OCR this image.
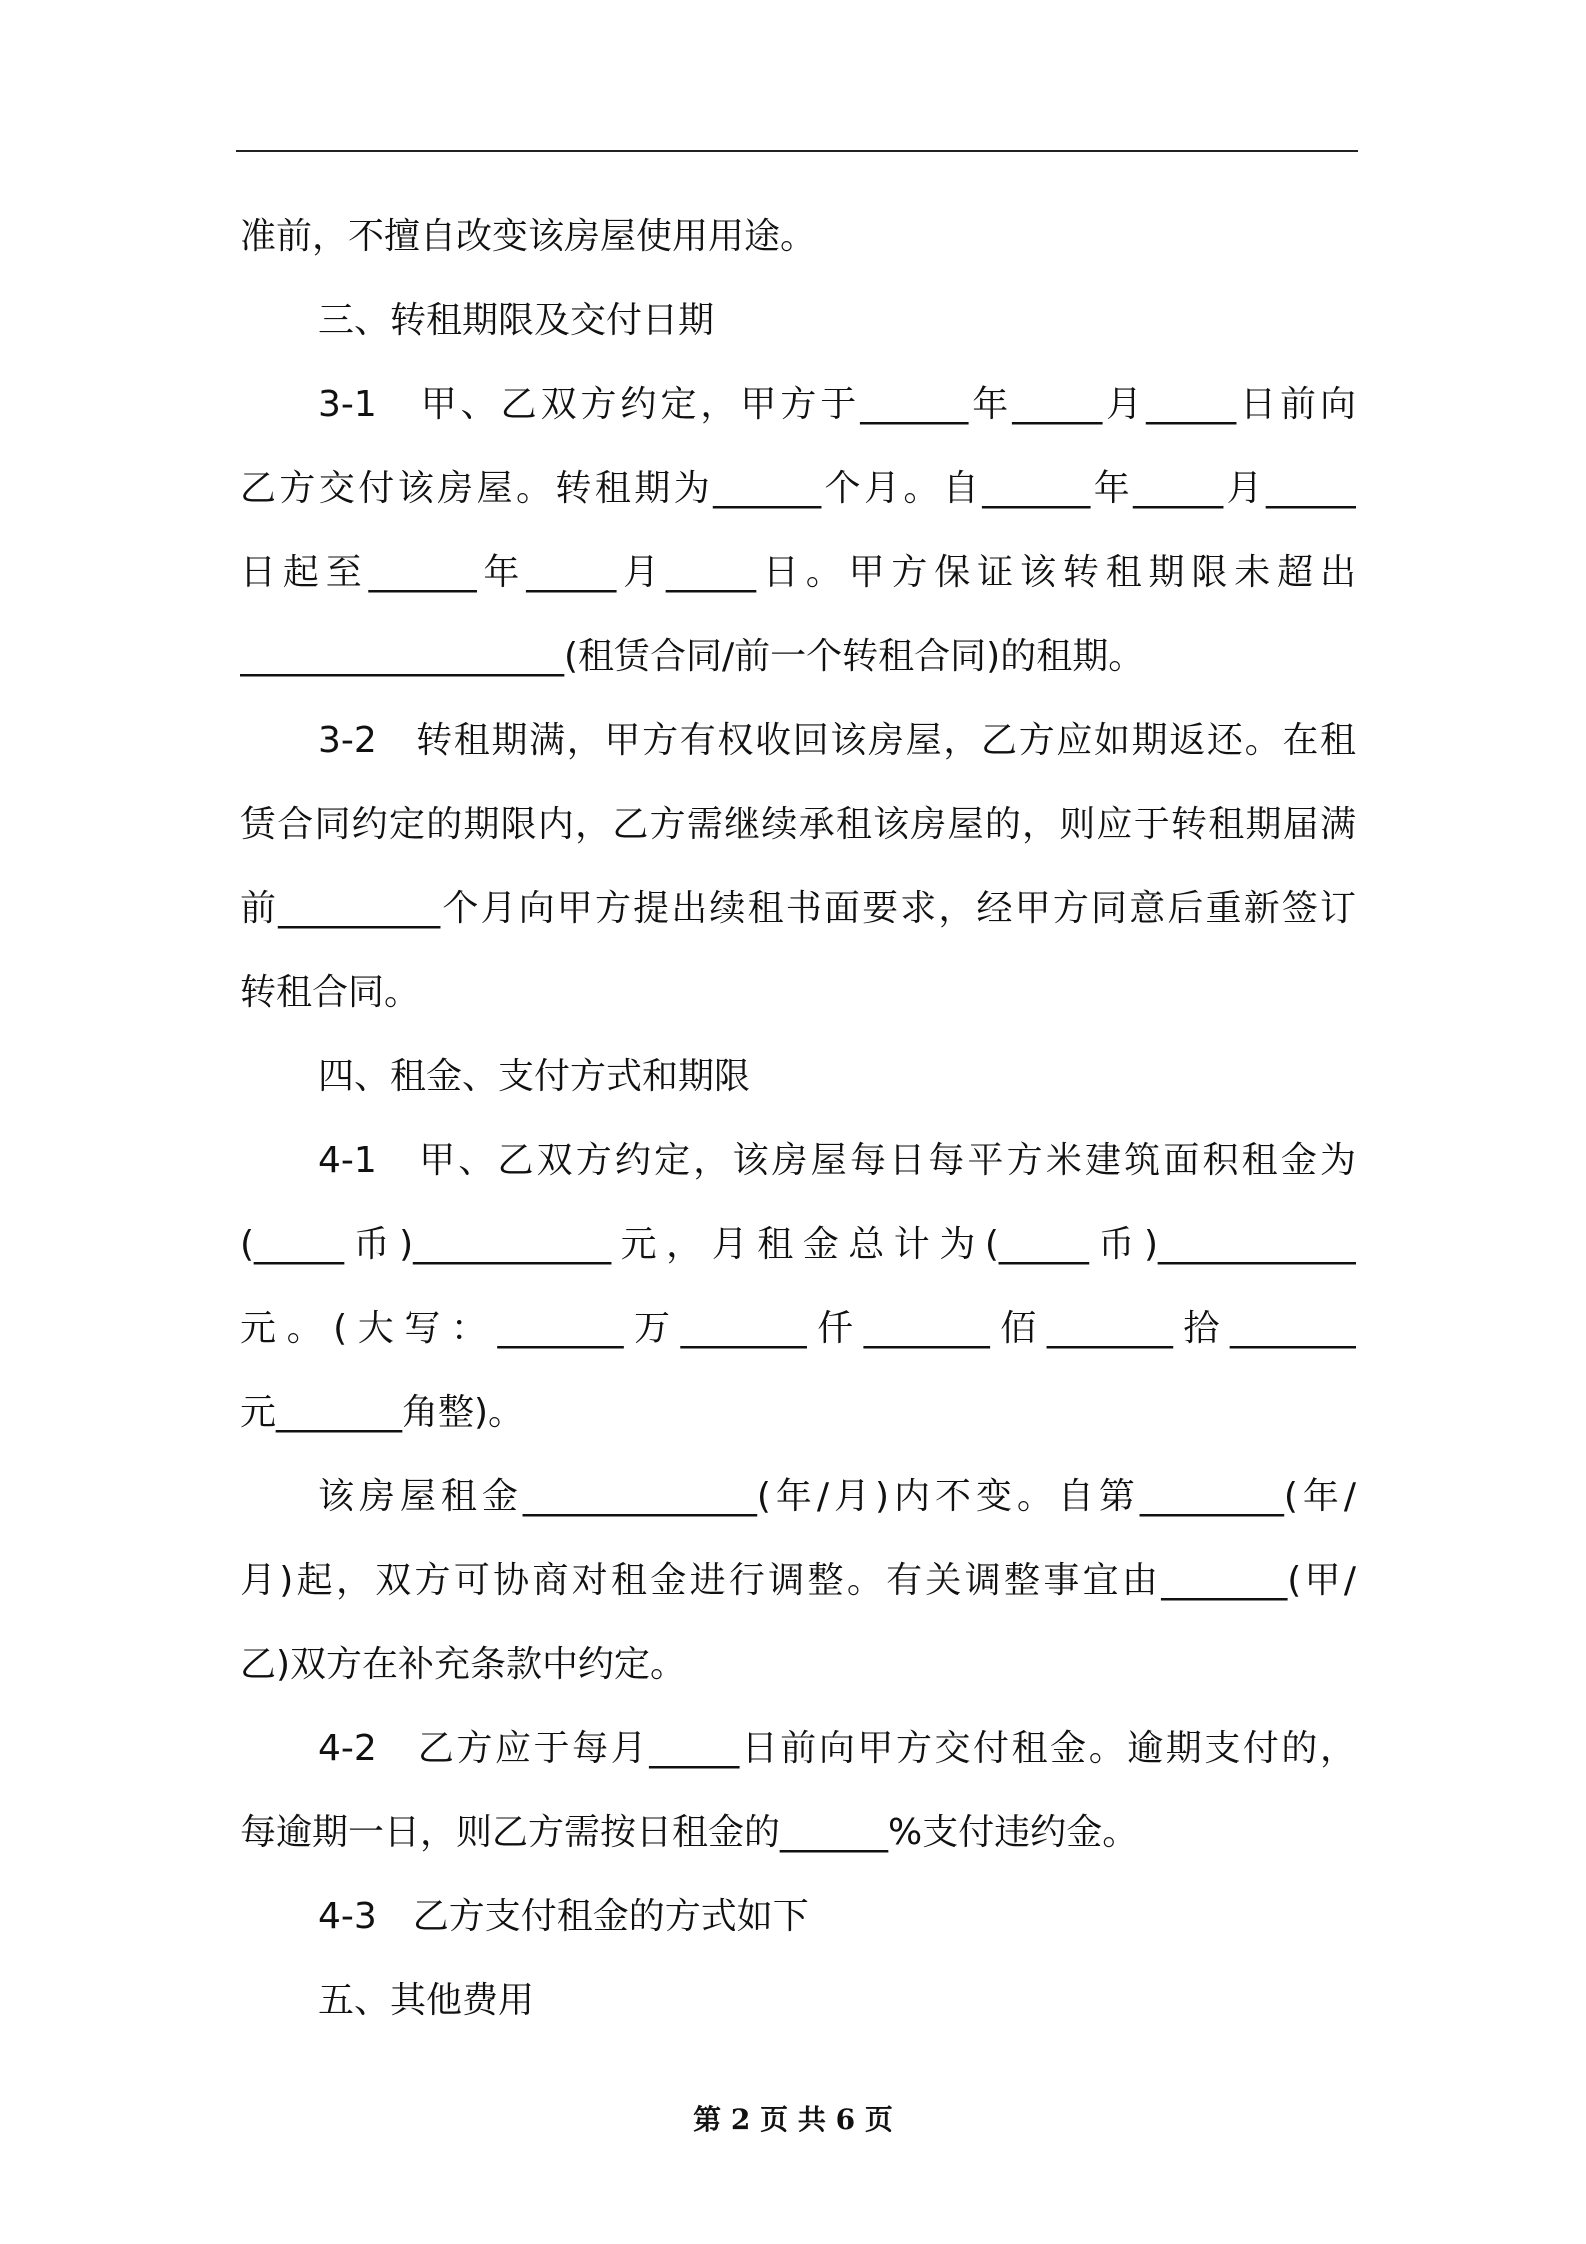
准前，不擅自改变该房屋使用用途。
三、转租期限及交付日期
3-1　甲、乙双方约定，甲方于______年_____月_____日前向
乙方交付该房屋。转租期为______个月。自______年_____月_____
日起至______年_____月_____日。甲方保证该转租期限未超出
__________________(租赁合同/前一个转租合同)的租期。
3-2　转租期满，甲方有权收回该房屋，乙方应如期返还。在租
赁合同约定的期限内，乙方需继续承租该房屋的，则应于转租期届满
前_________个月向甲方提出续租书面要求，经甲方同意后重新签订
转租合同。
四、租金、支付方式和期限
4-1　甲、乙双方约定，该房屋每日每平方米建筑面积租金为
(_____币)___________元，月租金总计为(_____币)___________
元。(大写：_______万_______仟_______佰_______拾_______
元_______角整)。
该房屋租金_____________(年/月)内不变。自第________(年/
月)起，双方可协商对租金进行调整。有关调整事宜由_______(甲/
乙)双方在补充条款中约定。
4-2　乙方应于每月_____日前向甲方交付租金。逾期支付的，
每逾期一日，则乙方需按日租金的______%支付违约金。
4-3　乙方支付租金的方式如下
五、其他费用
第 2 页 共 6 页
